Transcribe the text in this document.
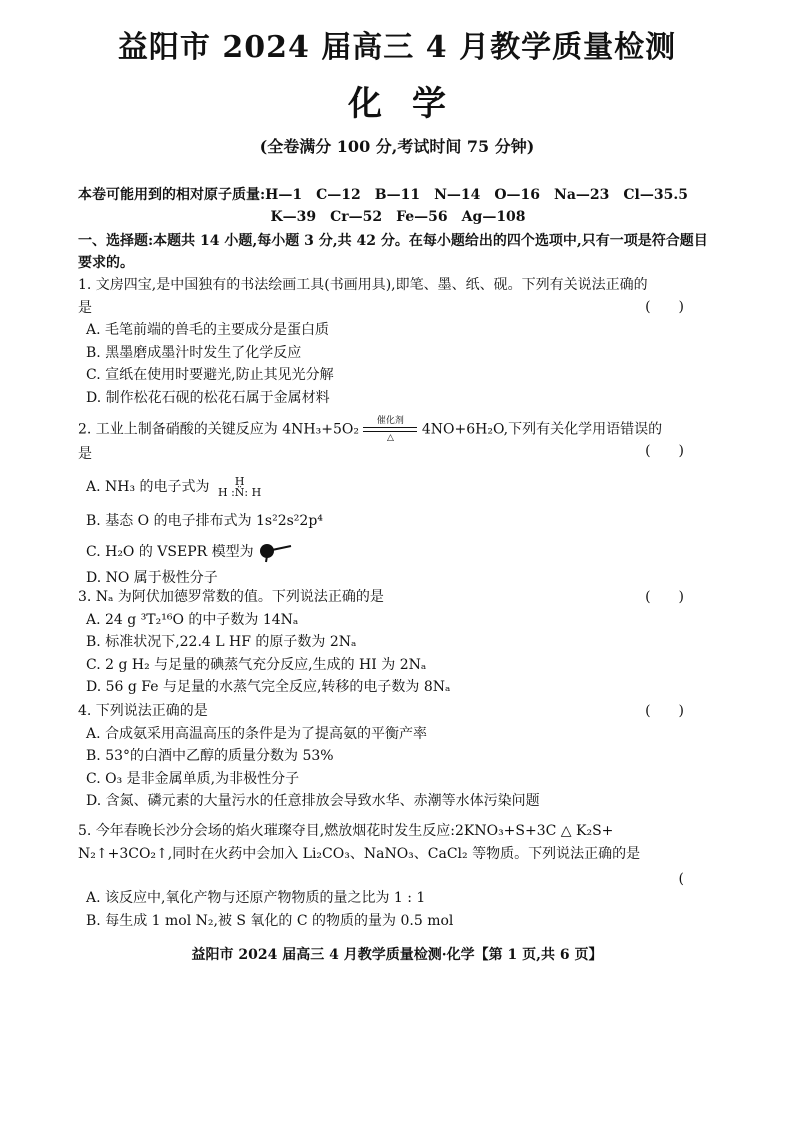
益阳市 2024 届高三 4 月教学质量检测
化学
(全卷满分 100 分,考试时间 75 分钟)
本卷可能用到的相对原子质量:H—1　C—12　B—11　N—14　O—16　Na—23　Cl—35.5
K—39　Cr—52　Fe—56　Ag—108
一、选择题:本题共 14 小题,每小题 3 分,共 42 分。在每小题给出的四个选项中,只有一项是符合题目要求的。
1. 文房四宝,是中国独有的书法绘画工具(书画用具),即笔、墨、纸、砚。下列有关说法正确的
是	(　　)
A. 毛笔前端的兽毛的主要成分是蛋白质
B. 黑墨磨成墨汁时发生了化学反应
C. 宣纸在使用时要避光,防止其见光分解
D. 制作松花石砚的松花石属于金属材料
2. 工业上制备硝酸的关键反应为 4NH₃+5O₂
催化剂
△
4NO+6H₂O,下列有关化学用语错误的
是	(　　)
A. NH₃ 的电子式为 H
H :N̈: H
B. 基态 O 的电子排布式为 1s²2s²2p⁴
C. H₂O 的 VSEPR 模型为
D. NO 属于极性分子
3. Nₐ 为阿伏加德罗常数的值。下列说法正确的是	(　　)
A. 24 g ³T₂¹⁶O 的中子数为 14Nₐ
B. 标准状况下,22.4 L HF 的原子数为 2Nₐ
C. 2 g H₂ 与足量的碘蒸气充分反应,生成的 HI 为 2Nₐ
D. 56 g Fe 与足量的水蒸气完全反应,转移的电子数为 8Nₐ
4. 下列说法正确的是	(　　)
A. 合成氨采用高温高压的条件是为了提高氨的平衡产率
B. 53°的白酒中乙醇的质量分数为 53%
C. O₃ 是非金属单质,为非极性分子
D. 含氮、磷元素的大量污水的任意排放会导致水华、赤潮等水体污染问题
5. 今年春晚长沙分会场的焰火璀璨夺目,燃放烟花时发生反应:2KNO₃+S+3C △ K₂S+
N₂↑+3CO₂↑,同时在火药中会加入 Li₂CO₃、NaNO₃、CaCl₂ 等物质。下列说法正确的是
(
A. 该反应中,氧化产物与还原产物物质的量之比为 1 : 1
B. 每生成 1 mol N₂,被 S 氧化的 C 的物质的量为 0.5 mol
益阳市 2024 届高三 4 月教学质量检测·化学【第 1 页,共 6 页】
